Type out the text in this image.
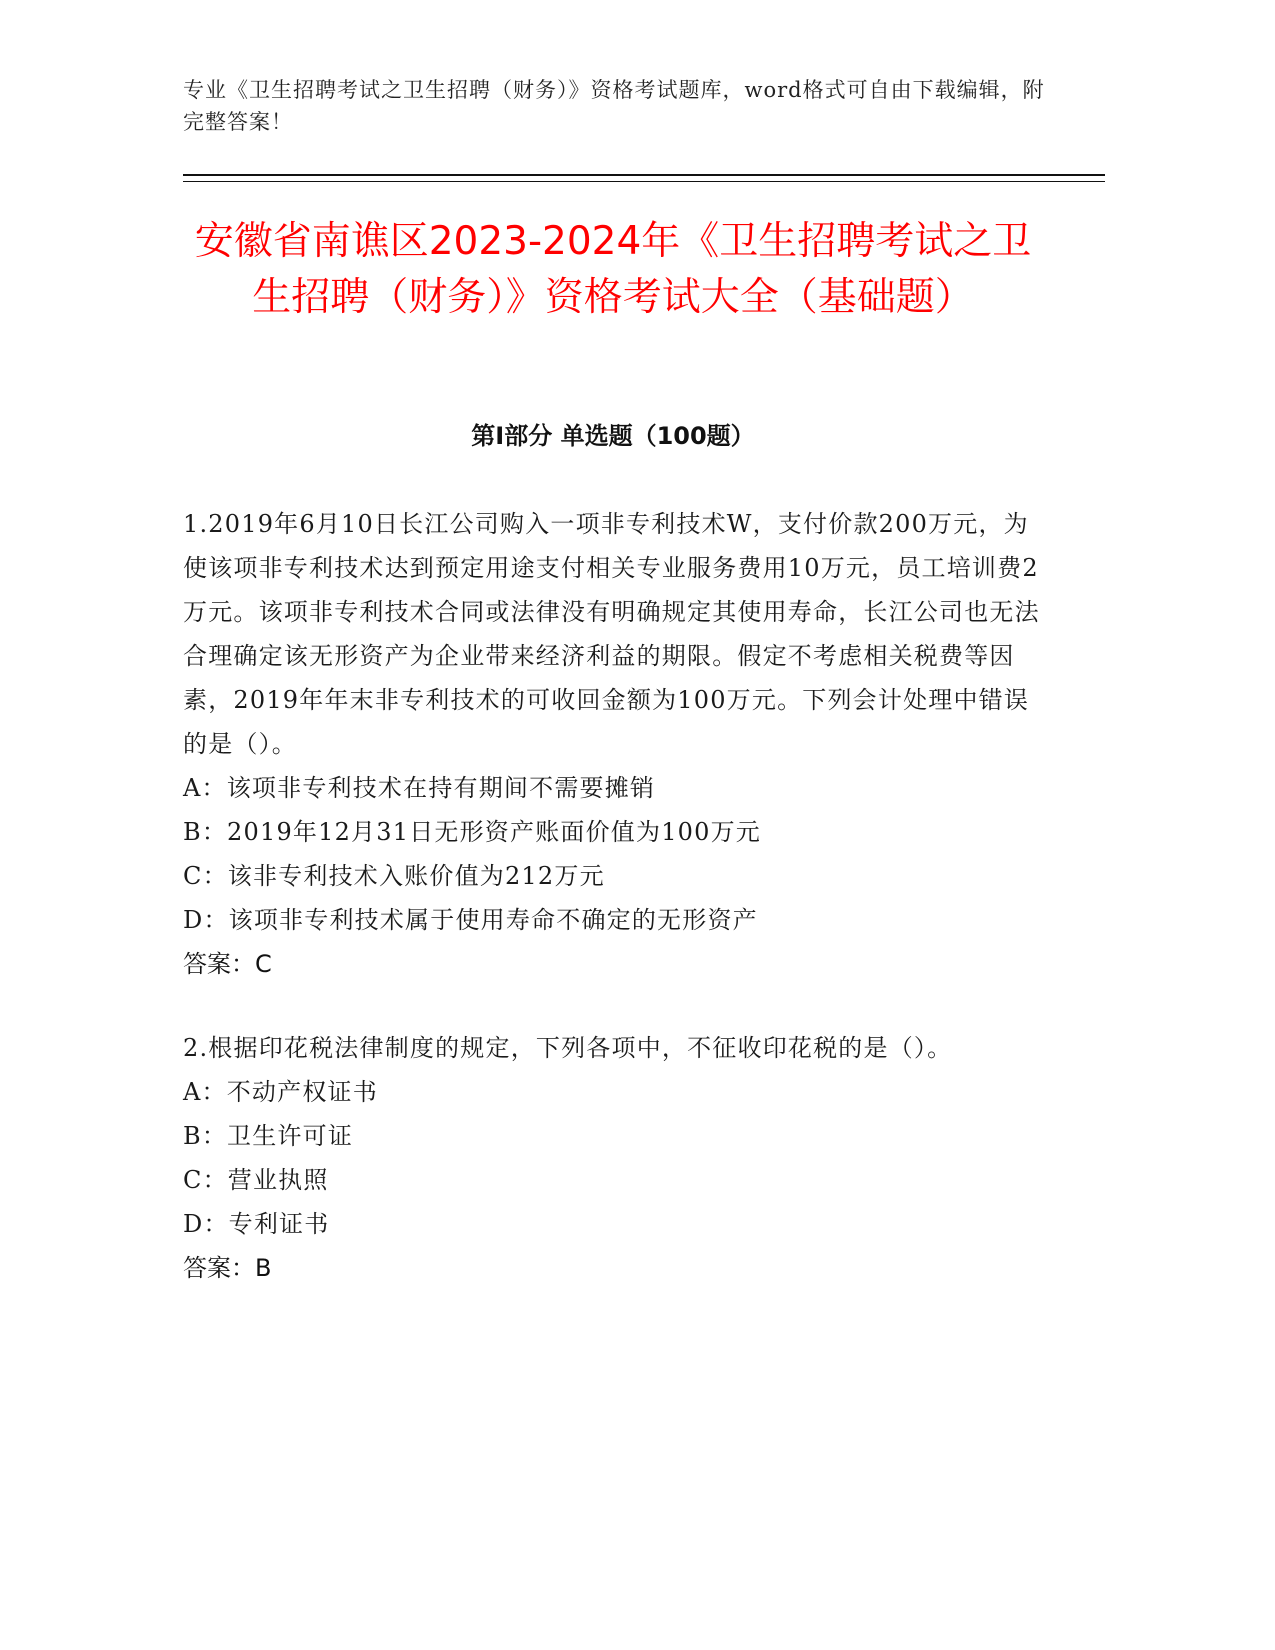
专业《卫生招聘考试之卫生招聘（财务）》资格考试题库，word格式可自由下载编辑，附完整答案！
安徽省南谯区2023-2024年《卫生招聘考试之卫生招聘（财务）》资格考试大全（基础题）
第I部分 单选题（100题）

1.2019年6月10日长江公司购入一项非专利技术W，支付价款200万元，为使该项非专利技术达到预定用途支付相关专业服务费用10万元，员工培训费2万元。该项非专利技术合同或法律没有明确规定其使用寿命，长江公司也无法合理确定该无形资产为企业带来经济利益的期限。假定不考虑相关税费等因素，2019年年末非专利技术的可收回金额为100万元。下列会计处理中错误的是（）。

A：该项非专利技术在持有期间不需要摊销

B：2019年12月31日无形资产账面价值为100万元

C：该非专利技术入账价值为212万元

D：该项非专利技术属于使用寿命不确定的无形资产

答案：C

2.根据印花税法律制度的规定，下列各项中，不征收印花税的是（）。

A：不动产权证书

B：卫生许可证

C：营业执照

D：专利证书

答案：B
